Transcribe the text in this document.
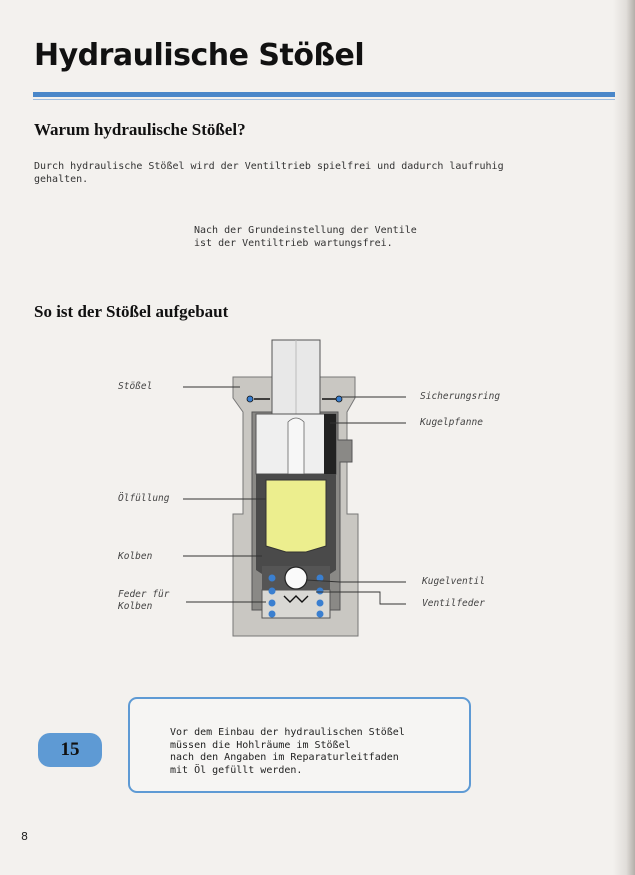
Hydraulische Stößel
Warum hydraulische Stößel?

Durch hydraulische Stößel wird der Ventiltrieb spielfrei und dadurch laufruhig
gehalten.

Nach der Grundeinstellung der Ventile
ist der Ventiltrieb wartungsfrei.

So ist der Stößel aufgebaut

Stößel

Ölfüllung

Kolben

Feder für
Kolben

Sicherungsring

Kugelpfanne

Kugelventil

Ventilfeder

15

Vor dem Einbau der hydraulischen Stößel
müssen die Hohlräume im Stößel
nach den Angaben im Reparaturleitfaden
mit Öl gefüllt werden.

8
